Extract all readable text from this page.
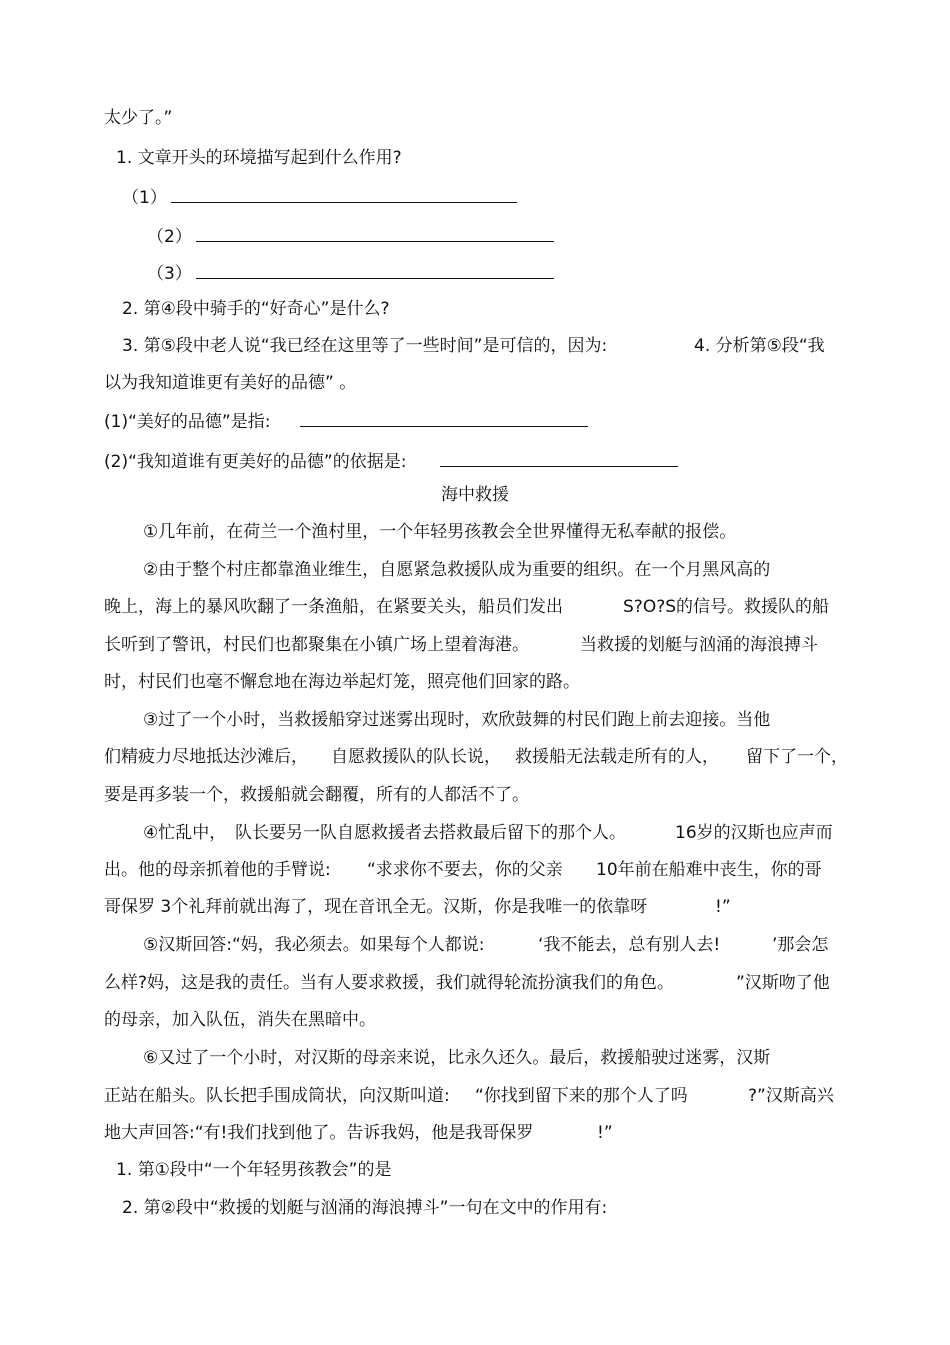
太少了。”
1. 文章开头的环境描写起到什么作用?
（1）
（2）
（3）
2. 第④段中骑手的“好奇心”是什么?
3. 第⑤段中老人说“我已经在这里等了一些时间”是可信的，因为:	4. 分析第⑤段“我
以为我知道谁更有美好的品德” 。
(1)“美好的品德”是指:
(2)“我知道谁有更美好的品德”的依据是:
海中救援
①几年前，在荷兰一个渔村里，一个年轻男孩教会全世界懂得无私奉献的报偿。
②由于整个村庄都靠渔业维生，自愿紧急救援队成为重要的组织。在一个月黑风高的
晚上，海上的暴风吹翻了一条渔船，在紧要关头，船员们发出	S?O?S的信号。救援队的船
长听到了警讯，村民们也都聚集在小镇广场上望着海港。	当救援的划艇与汹涌的海浪搏斗
时，村民们也毫不懈怠地在海边举起灯笼，照亮他们回家的路。
③过了一个小时，当救援船穿过迷雾出现时，欢欣鼓舞的村民们跑上前去迎接。当他
们精疲力尽地抵达沙滩后， 自愿救援队的队长说， 救援船无法载走所有的人， 留下了一个，
要是再多装一个，救援船就会翻覆，所有的人都活不了。
④忙乱中， 队长要另一队自愿救援者去搭救最后留下的那个人。	16岁的汉斯也应声而
出。他的母亲抓着他的手臂说: “求求你不要去，你的父亲 10年前在船难中丧生，你的哥
哥保罗 3个礼拜前就出海了，现在音讯全无。汉斯，你是我唯一的依靠呀	!”
⑤汉斯回答:“妈，我必须去。如果每个人都说:	‘我不能去，总有别人去!	’那会怎
么样?妈，这是我的责任。当有人要求救援，我们就得轮流扮演我们的角色。	”汉斯吻了他
的母亲，加入队伍，消失在黑暗中。
⑥又过了一个小时，对汉斯的母亲来说，比永久还久。最后，救援船驶过迷雾，汉斯
正站在船头。队长把手围成筒状，向汉斯叫道: “你找到留下来的那个人了吗	?”汉斯高兴
地大声回答:“有!我们找到他了。告诉我妈，他是我哥保罗	!”
1. 第①段中“一个年轻男孩教会”的是
2. 第②段中“救援的划艇与汹涌的海浪搏斗”一句在文中的作用有:
